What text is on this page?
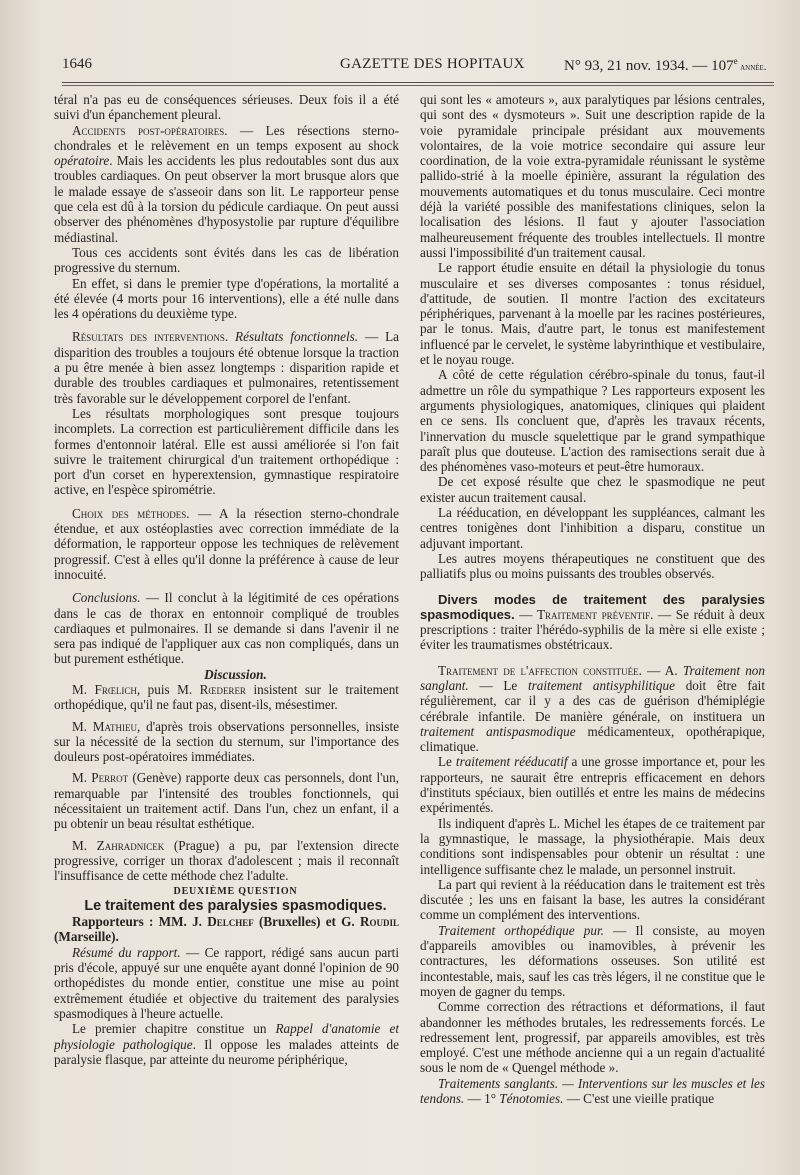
1646	GAZETTE DES HOPITAUX	N° 93, 21 nov. 1934. — 107e année.

téral n'a pas eu de conséquences sérieuses. Deux fois il a été suivi d'un épanchement pleural.

Accidents post-opératoires. — Les résections sterno-chondrales et le relèvement en un temps exposent au shock opératoire. Mais les accidents les plus redoutables sont dus aux troubles cardiaques. On peut observer la mort brusque alors que le malade essaye de s'asseoir dans son lit. Le rapporteur pense que cela est dû à la torsion du pédicule cardiaque. On peut aussi observer des phénomènes d'hyposystolie par rupture d'équilibre médiastinal.

Tous ces accidents sont évités dans les cas de libération progressive du sternum.

En effet, si dans le premier type d'opérations, la mortalité a été élevée (4 morts pour 16 interventions), elle a été nulle dans les 4 opérations du deuxième type.

Résultats des interventions. Résultats fonctionnels. — La disparition des troubles a toujours été obtenue lorsque la traction a pu être menée à bien assez longtemps : disparition rapide et durable des troubles cardiaques et pulmonaires, retentissement très favorable sur le développement corporel de l'enfant.

Les résultats morphologiques sont presque toujours incomplets. La correction est particulièrement difficile dans les formes d'entonnoir latéral. Elle est aussi améliorée si l'on fait suivre le traitement chirurgical d'un traitement orthopédique : port d'un corset en hyperextension, gymnastique respiratoire active, en l'espèce spirométrie.

Choix des méthodes. — A la résection sterno-chondrale étendue, et aux ostéoplasties avec correction immédiate de la déformation, le rapporteur oppose les techniques de relèvement progressif. C'est à elles qu'il donne la préférence à cause de leur innocuité.

Conclusions. — Il conclut à la légitimité de ces opérations dans le cas de thorax en entonnoir compliqué de troubles cardiaques et pulmonaires. Il se demande si dans l'avenir il ne sera pas indiqué de l'appliquer aux cas non compliqués, dans un but purement esthétique.

Discussion.

M. Frœlich, puis M. Rœderer insistent sur le traitement orthopédique, qu'il ne faut pas, disent-ils, mésestimer.

M. Mathieu, d'après trois observations personnelles, insiste sur la nécessité de la section du sternum, sur l'importance des douleurs post-opératoires immédiates.

M. Perrot (Genève) rapporte deux cas personnels, dont l'un, remarquable par l'intensité des troubles fonctionnels, qui nécessitaient un traitement actif. Dans l'un, chez un enfant, il a pu obtenir un beau résultat esthétique.

M. Zahradnicek (Prague) a pu, par l'extension directe progressive, corriger un thorax d'adolescent ; mais il reconnaît l'insuffisance de cette méthode chez l'adulte.

DEUXIÈME QUESTION

Le traitement des paralysies spasmodiques.

Rapporteurs : MM. J. Delchef (Bruxelles) et G. Roudil (Marseille).

Résumé du rapport. — Ce rapport, rédigé sans aucun parti pris d'école, appuyé sur une enquête ayant donné l'opinion de 90 orthopédistes du monde entier, constitue une mise au point extrêmement étudiée et objective du traitement des paralysies spasmodiques à l'heure actuelle.

Le premier chapitre constitue un Rappel d'anatomie et physiologie pathologique. Il oppose les malades atteints de paralysie flasque, par atteinte du neurome périphérique,

qui sont les « amoteurs », aux paralytiques par lésions centrales, qui sont des « dysmoteurs ». Suit une description rapide de la voie pyramidale principale présidant aux mouvements volontaires, de la voie motrice secondaire qui assure leur coordination, de la voie extra-pyramidale réunissant le système pallido-strié à la moelle épinière, assurant la régulation des mouvements automatiques et du tonus musculaire. Ceci montre déjà la variété possible des manifestations cliniques, selon la localisation des lésions. Il faut y ajouter l'association malheureusement fréquente des troubles intellectuels. Il montre aussi l'impossibilité d'un traitement causal.

Le rapport étudie ensuite en détail la physiologie du tonus musculaire et ses diverses composantes : tonus résiduel, d'attitude, de soutien. Il montre l'action des excitateurs périphériques, parvenant à la moelle par les racines postérieures, par le tonus. Mais, d'autre part, le tonus est manifestement influencé par le cervelet, le système labyrinthique et vestibulaire, et le noyau rouge.

A côté de cette régulation cérébro-spinale du tonus, faut-il admettre un rôle du sympathique ? Les rapporteurs exposent les arguments physiologiques, anatomiques, cliniques qui plaident en ce sens. Ils concluent que, d'après les travaux récents, l'innervation du muscle squelettique par le grand sympathique paraît plus que douteuse. L'action des ramisections serait due à des phénomènes vaso-moteurs et peut-être humoraux.

De cet exposé résulte que chez le spasmodique ne peut exister aucun traitement causal.

La rééducation, en développant les suppléances, calmant les centres tonigènes dont l'inhibition a disparu, constitue un adjuvant important.

Les autres moyens thérapeutiques ne constituent que des palliatifs plus ou moins puissants des troubles observés.

Divers modes de traitement des paralysies spasmodiques. — Traitement préventif. — Se réduit à deux prescriptions : traiter l'hérédo-syphilis de la mère si elle existe ; éviter les traumatismes obstétricaux.

Traitement de l'affection constituée. — A. Traitement non sanglant. — Le traitement antisyphilitique doit être fait régulièrement, car il y a des cas de guérison d'hémiplégie cérébrale infantile. De manière générale, on instituera un traitement antispasmodique médicamenteux, opothérapique, climatique.

Le traitement rééducatif a une grosse importance et, pour les rapporteurs, ne saurait être entrepris efficacement en dehors d'instituts spéciaux, bien outillés et entre les mains de médecins expérimentés.

Ils indiquent d'après L. Michel les étapes de ce traitement par la gymnastique, le massage, la physiothérapie. Mais deux conditions sont indispensables pour obtenir un résultat : une intelligence suffisante chez le malade, un personnel instruit.

La part qui revient à la rééducation dans le traitement est très discutée ; les uns en faisant la base, les autres la considérant comme un complément des interventions.

Traitement orthopédique pur. — Il consiste, au moyen d'appareils amovibles ou inamovibles, à prévenir les contractures, les déformations osseuses. Son utilité est incontestable, mais, sauf les cas très légers, il ne constitue que le moyen de gagner du temps.

Comme correction des rétractions et déformations, il faut abandonner les méthodes brutales, les redressements forcés. Le redressement lent, progressif, par appareils amovibles, est très employé. C'est une méthode ancienne qui a un regain d'actualité sous le nom de « Quengel méthode ».

Traitements sanglants. — Interventions sur les muscles et les tendons. — 1° Ténotomies. — C'est une vieille pratique
